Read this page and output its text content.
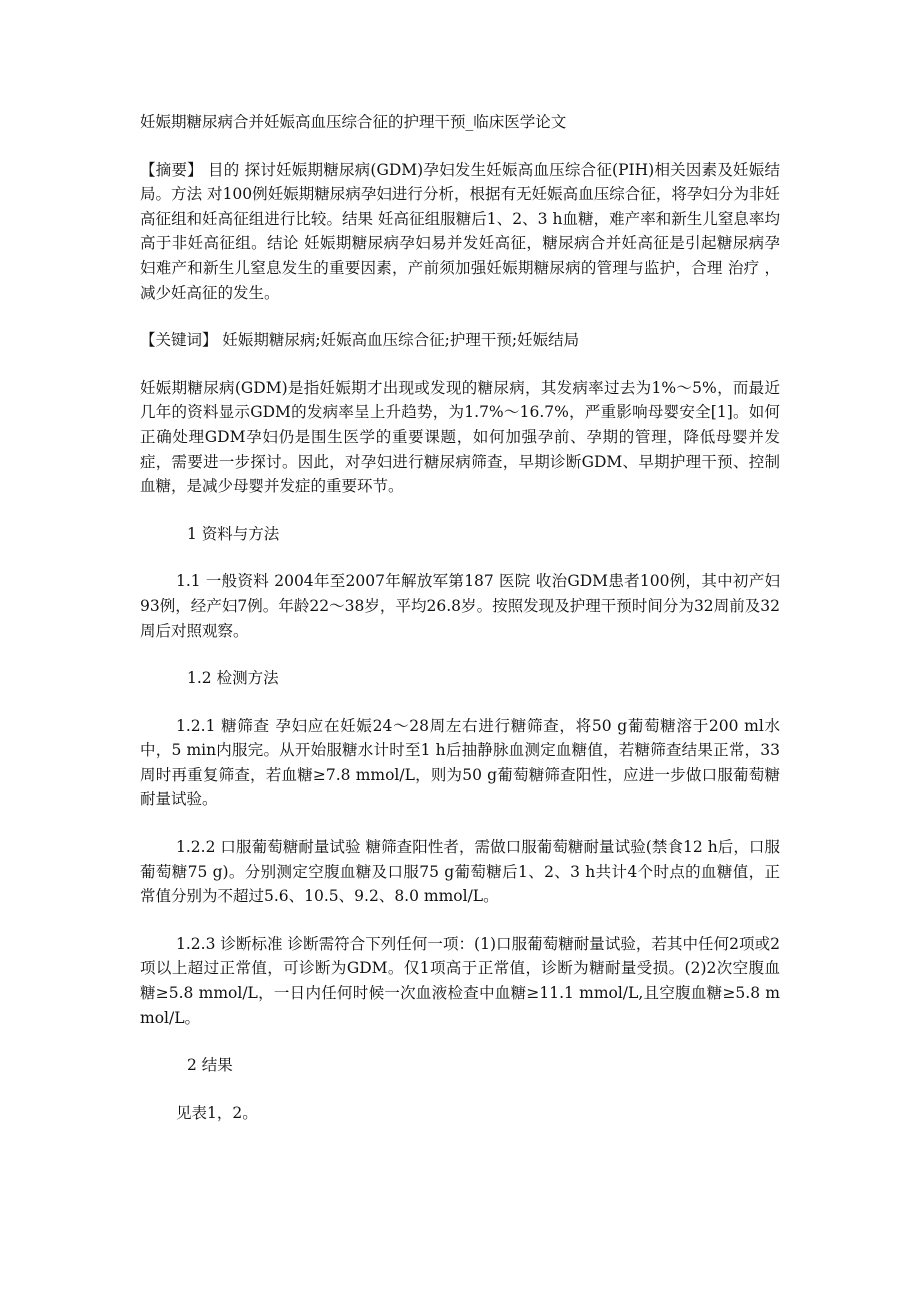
妊娠期糖尿病合并妊娠高血压综合征的护理干预_临床医学论文

【摘要】 目的 探讨妊娠期糖尿病(GDM)孕妇发生妊娠高血压综合征(PIH)相关因素及妊娠结局。方法 对100例妊娠期糖尿病孕妇进行分析，根据有无妊娠高血压综合征，将孕妇分为非妊高征组和妊高征组进行比较。结果 妊高征组服糖后1、2、3 h血糖，难产率和新生儿窒息率均高于非妊高征组。结论 妊娠期糖尿病孕妇易并发妊高征，糖尿病合并妊高征是引起糖尿病孕妇难产和新生儿窒息发生的重要因素，产前须加强妊娠期糖尿病的管理与监护，合理 治疗 ，减少妊高征的发生。

【关键词】 妊娠期糖尿病;妊娠高血压综合征;护理干预;妊娠结局

妊娠期糖尿病(GDM)是指妊娠期才出现或发现的糖尿病，其发病率过去为1%～5%，而最近几年的资料显示GDM的发病率呈上升趋势，为1.7%～16.7%，严重影响母婴安全[1]。如何正确处理GDM孕妇仍是围生医学的重要课题，如何加强孕前、孕期的管理，降低母婴并发症，需要进一步探讨。因此，对孕妇进行糖尿病筛查，早期诊断GDM、早期护理干预、控制血糖，是减少母婴并发症的重要环节。

1 资料与方法

1.1 一般资料 2004年至2007年解放军第187 医院 收治GDM患者100例，其中初产妇93例，经产妇7例。年龄22～38岁，平均26.8岁。按照发现及护理干预时间分为32周前及32周后对照观察。

1.2 检测方法

1.2.1 糖筛查 孕妇应在妊娠24～28周左右进行糖筛查，将50 g葡萄糖溶于200 ml水中，5 min内服完。从开始服糖水计时至1 h后抽静脉血测定血糖值，若糖筛查结果正常，33周时再重复筛查，若血糖≥7.8 mmol/L，则为50 g葡萄糖筛查阳性，应进一步做口服葡萄糖耐量试验。

1.2.2 口服葡萄糖耐量试验 糖筛查阳性者，需做口服葡萄糖耐量试验(禁食12 h后，口服葡萄糖75 g)。分别测定空腹血糖及口服75 g葡萄糖后1、2、3 h共计4个时点的血糖值，正常值分别为不超过5.6、10.5、9.2、8.0 mmol/L。

1.2.3 诊断标准 诊断需符合下列任何一项：(1)口服葡萄糖耐量试验，若其中任何2项或2项以上超过正常值，可诊断为GDM。仅1项高于正常值，诊断为糖耐量受损。(2)2次空腹血糖≥5.8 mmol/L，一日内任何时候一次血液检查中血糖≥11.1 mmol/L,且空腹血糖≥5.8 mmol/L。

2 结果

见表1，2。
